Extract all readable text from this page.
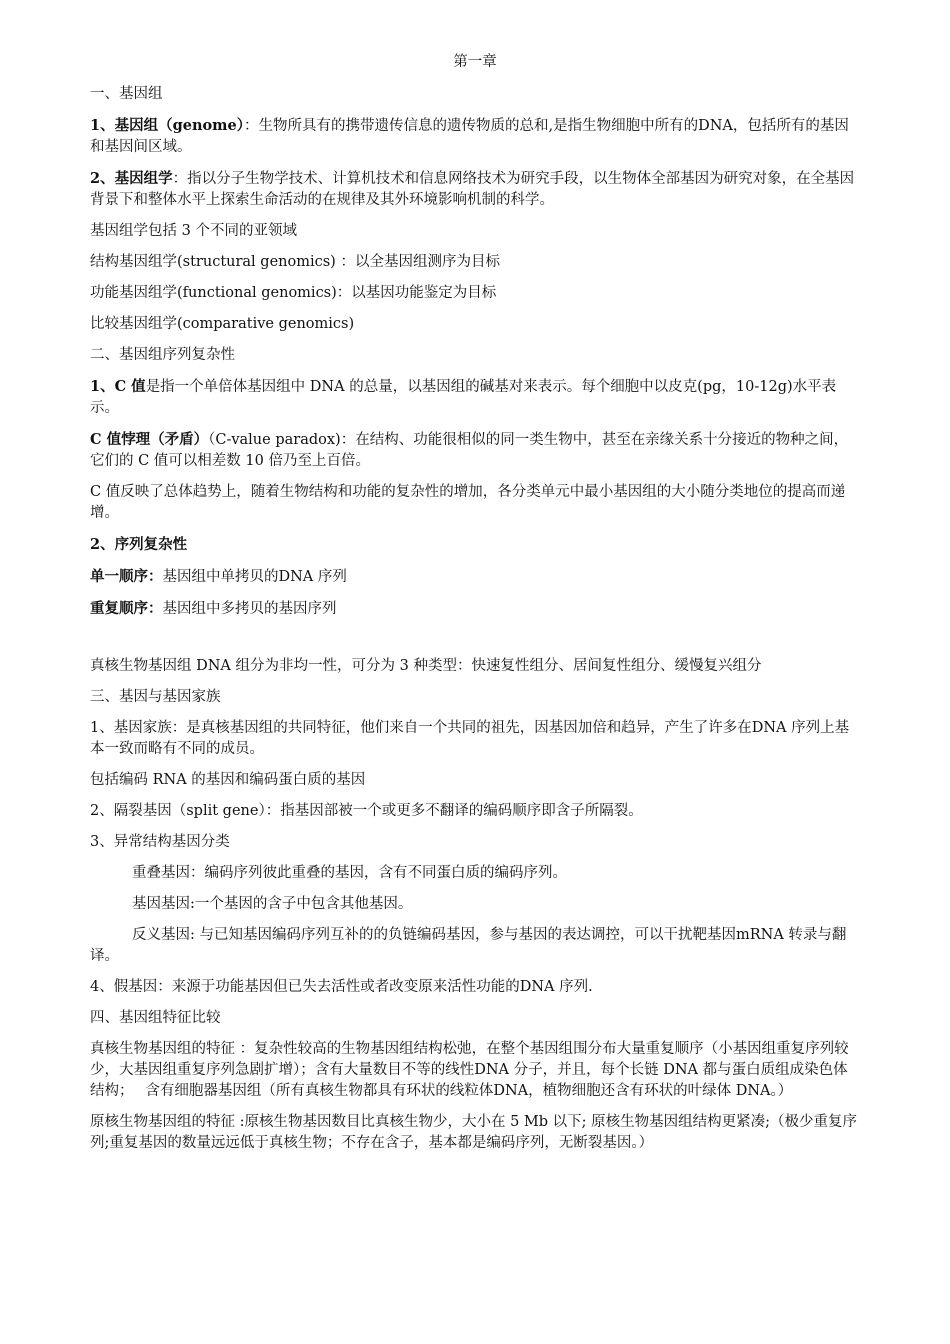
第一章

一、基因组

1、基因组（genome）：生物所具有的携带遗传信息的遗传物质的总和,是指生物细胞中所有的DNA，包括所有的基因和基因间区域。

2、基因组学：指以分子生物学技术、计算机技术和信息网络技术为研究手段，以生物体全部基因为研究对象，在全基因背景下和整体水平上探索生命活动的在规律及其外环境影响机制的科学。

基因组学包括 3 个不同的亚领域

结构基因组学(structural genomics) ：以全基因组测序为目标

功能基因组学(functional genomics)：以基因功能鉴定为目标

比较基因组学(comparative genomics)

二、基因组序列复杂性

1、C 值是指一个单倍体基因组中 DNA 的总量，以基因组的碱基对来表示。每个细胞中以皮克(pg，10-12g)水平表示。

C 值悖理（矛盾）（C-value paradox)：在结构、功能很相似的同一类生物中，甚至在亲缘关系十分接近的物种之间，它们的 C 值可以相差数 10 倍乃至上百倍。

C 值反映了总体趋势上，随着生物结构和功能的复杂性的增加，各分类单元中最小基因组的大小随分类地位的提高而递增。

2、序列复杂性

单一顺序：基因组中单拷贝的DNA 序列

重复顺序：基因组中多拷贝的基因序列

真核生物基因组 DNA 组分为非均一性，可分为 3 种类型：快速复性组分、居间复性组分、缓慢复兴组分

三、基因与基因家族

1、基因家族：是真核基因组的共同特征，他们来自一个共同的祖先，因基因加倍和趋异，产生了许多在DNA 序列上基本一致而略有不同的成员。

包括编码 RNA 的基因和编码蛋白质的基因

2、隔裂基因（split gene）：指基因部被一个或更多不翻译的编码顺序即含子所隔裂。

3、异常结构基因分类

重叠基因：编码序列彼此重叠的基因，含有不同蛋白质的编码序列。

基因基因:一个基因的含子中包含其他基因。

反义基因: 与已知基因编码序列互补的的负链编码基因，参与基因的表达调控，可以干扰靶基因mRNA 转录与翻译。

4、假基因：来源于功能基因但已失去活性或者改变原来活性功能的DNA 序列.

四、基因组特征比较

真核生物基因组的特征 ：复杂性较高的生物基因组结构松弛，在整个基因组围分布大量重复顺序（小基因组重复序列较少，大基因组重复序列急剧扩增）；含有大量数目不等的线性DNA 分子，并且，每个长链 DNA 都与蛋白质组成染色体结构；　 含有细胞器基因组（所有真核生物都具有环状的线粒体DNA，植物细胞还含有环状的叶绿体 DNA。）

原核生物基因组的特征 :原核生物基因数目比真核生物少，大小在 5 Mb 以下; 原核生物基因组结构更紧凑;（极少重复序列;重复基因的数量远远低于真核生物；不存在含子，基本都是编码序列，无断裂基因。）
